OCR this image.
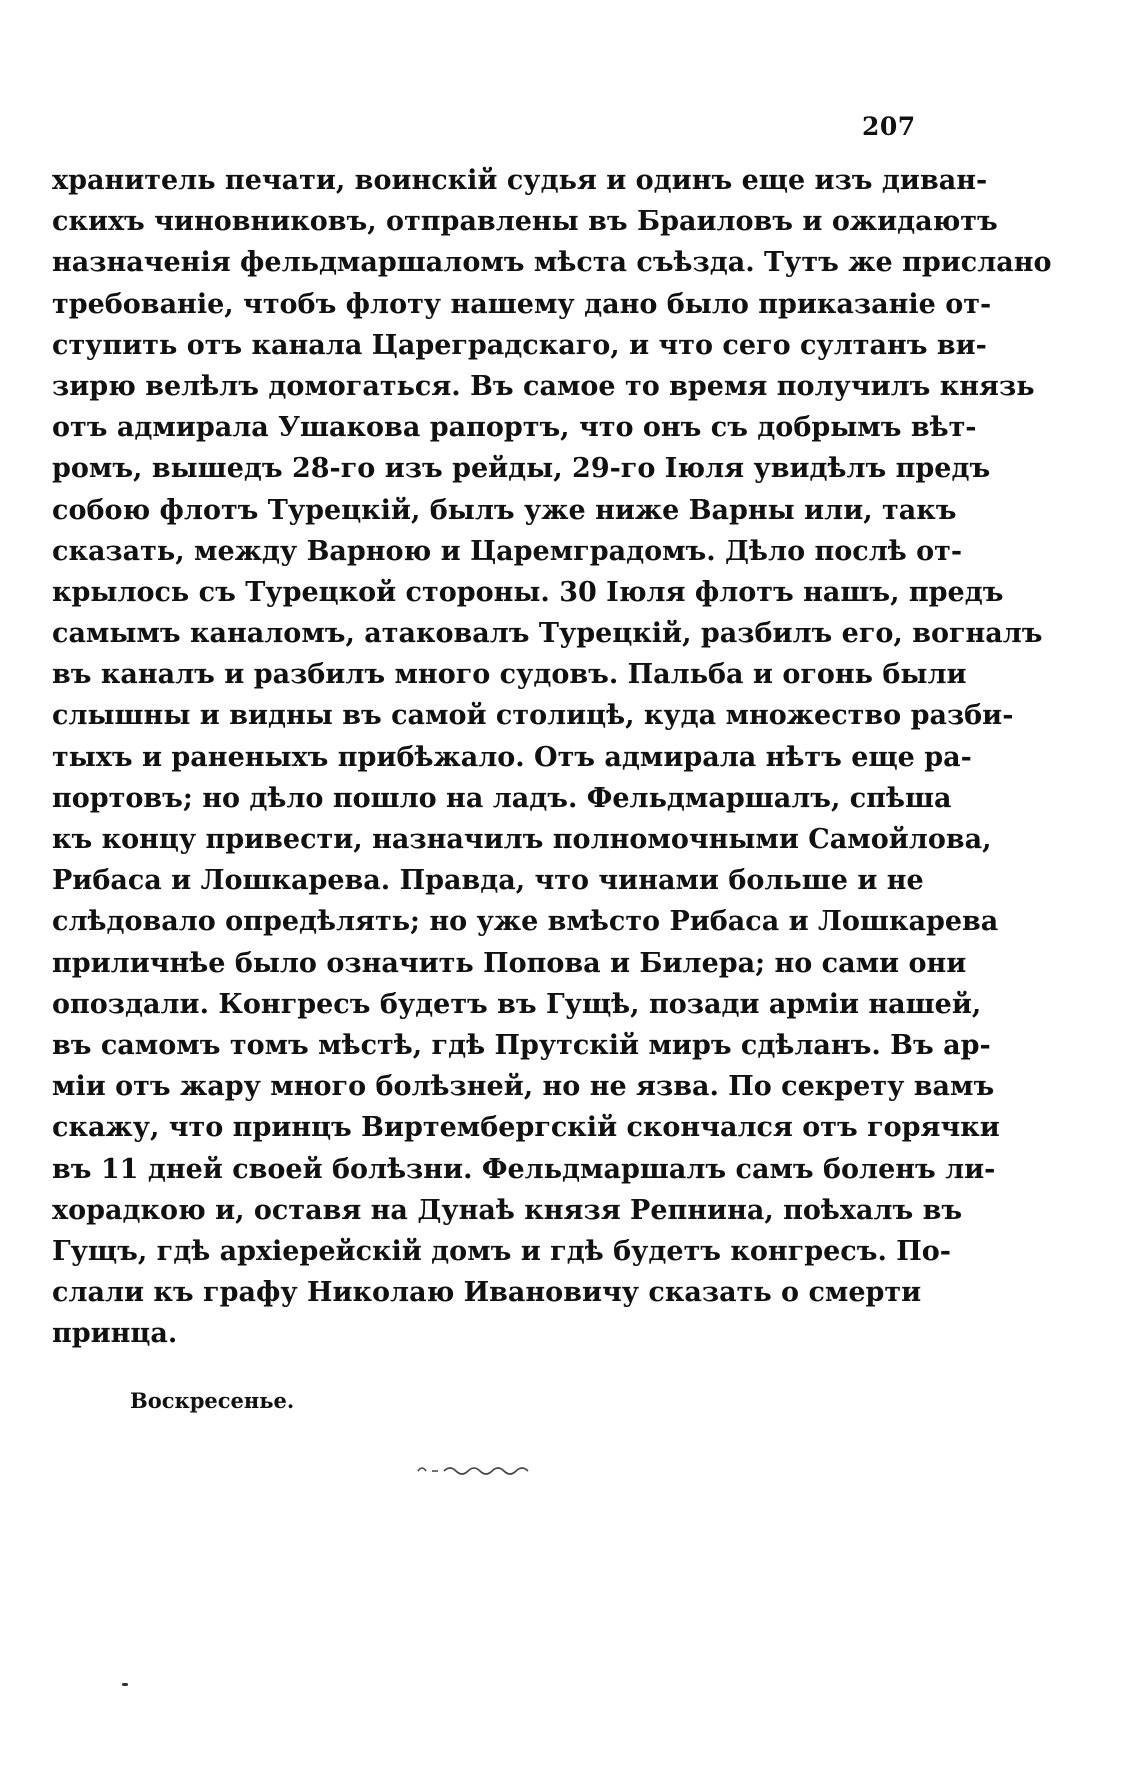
207
хранитель печати, воинскій судья и одинъ еще изъ диван-
скихъ чиновниковъ, отправлены въ Браиловъ и ожидаютъ
назначенія фельдмаршаломъ мѣста съѣзда. Тутъ же прислано
требованіе, чтобъ флоту нашему дано было приказаніе от-
ступить отъ канала Цареградскаго, и что сего султанъ ви-
зирю велѣлъ домогаться. Въ самое то время получилъ князь
отъ адмирала Ушакова рапортъ, что онъ съ добрымъ вѣт-
ромъ, вышедъ 28-го изъ рейды, 29-го Іюля увидѣлъ предъ
собою флотъ Турецкій, былъ уже ниже Варны или, такъ
сказать, между Варною и Царемградомъ. Дѣло послѣ от-
крылось съ Турецкой стороны. 30 Іюля флотъ нашъ, предъ
самымъ каналомъ, атаковалъ Турецкій, разбилъ его, вогналъ
въ каналъ и разбилъ много судовъ. Пальба и огонь были
слышны и видны въ самой столицѣ, куда множество разби-
тыхъ и раненыхъ прибѣжало. Отъ адмирала нѣтъ еще ра-
портовъ; но дѣло пошло на ладъ. Фельдмаршалъ, спѣша
къ концу привести, назначилъ полномочными Самойлова,
Рибаса и Лошкарева. Правда, что чинами больше и не
слѣдовало опредѣлять; но уже вмѣсто Рибаса и Лошкарева
приличнѣе было означить Попова и Билера; но сами они
опоздали. Конгресъ будетъ въ Гущѣ, позади арміи нашей,
въ самомъ томъ мѣстѣ, гдѣ Прутскій миръ сдѣланъ. Въ ар-
міи отъ жару много болѣзней, но не язва. По секрету вамъ
скажу, что принцъ Виртембергскій скончался отъ горячки
въ 11 дней своей болѣзни. Фельдмаршалъ самъ боленъ ли-
хорадкою и, оставя на Дунаѣ князя Репнина, поѣхалъ въ
Гущъ, гдѣ архіерейскій домъ и гдѣ будетъ конгресъ. По-
слали къ графу Николаю Ивановичу сказать о смерти
принца.
Воскресенье.
